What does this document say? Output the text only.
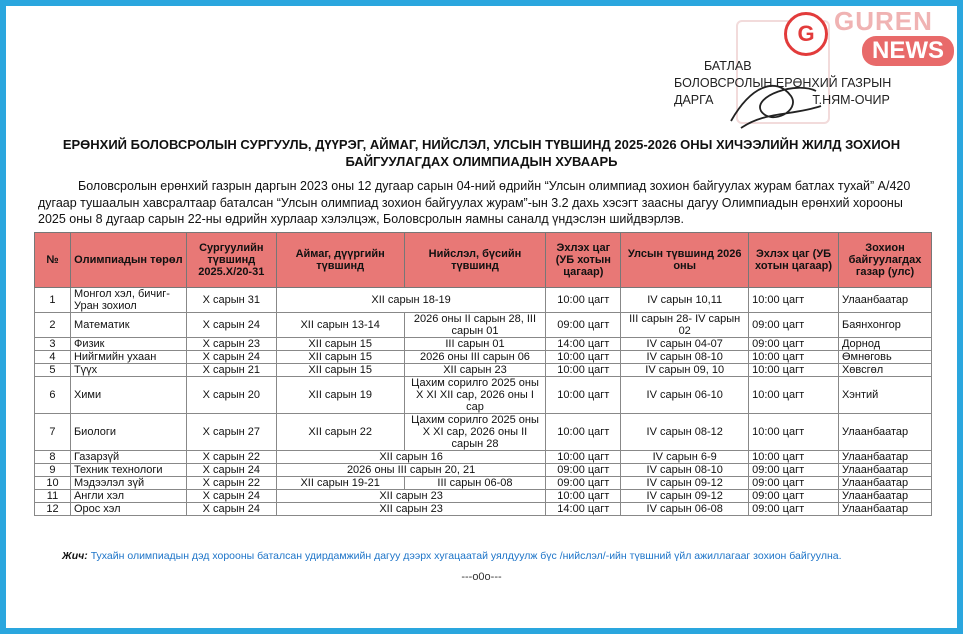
БАТЛАВ
БОЛОВСРОЛЫН ЕРӨНХИЙ ГАЗРЫН
ДАРГА	Т.НЯМ-ОЧИР
G GUREN
NEWS
ЕРӨНХИЙ БОЛОВСРОЛЫН СУРГУУЛЬ, ДҮҮРЭГ, АЙМАГ, НИЙСЛЭЛ, УЛСЫН ТҮВШИНД 2025-2026 ОНЫ ХИЧЭЭЛИЙН ЖИЛД ЗОХИОН БАЙГУУЛАГДАХ ОЛИМПИАДЫН ХУВААРЬ
Боловсролын ерөнхий газрын даргын 2023 оны 12 дугаар сарын 04-ний өдрийн “Улсын олимпиад зохион байгуулах журам батлах тухай” А/420 дугаар тушаалын хавсралтаар баталсан “Улсын олимпиад зохион байгуулах журам”-ын 3.2 дахь хэсэгт заасны дагуу Олимпиадын ерөнхий хорооны 2025 оны 8 дугаар сарын 22-ны өдрийн хурлаар хэлэлцэж, Боловсролын яамны саналд үндэслэн шийдвэрлэв.
№	Олимпиадын төрөл	Сургуулийн түвшинд 2025.X/20-31	Аймаг, дүүргийн түвшинд	Нийслэл, бүсийн түвшинд	Эхлэх цаг (УБ хотын цагаар)	Улсын түвшинд 2026 оны	Эхлэх цаг (УБ хотын цагаар)	Зохион байгуулагдах газар (улс)
1	Монгол хэл, бичиг-Уран зохиол	X сарын 31	XII сарын 18-19		10:00 цагт	IV сарын 10,11	10:00 цагт	Улаанбаатар
2	Математик	X сарын 24	XII сарын 13-14	2026 оны II сарын 28, III сарын 01	09:00 цагт	III сарын 28- IV сарын 02	09:00 цагт	Баянхонгор
3	Физик	X сарын 23	XII сарын 15	III сарын 01	14:00 цагт	IV сарын 04-07	09:00 цагт	Дорнод
4	Нийгмийн ухаан	X сарын 24	XII сарын 15	2026 оны III сарын 06	10:00 цагт	IV сарын 08-10	10:00 цагт	Өмнөговь
5	Түүх	X сарын 21	XII сарын 15	XII сарын 23	10:00 цагт	IV сарын 09, 10	10:00 цагт	Хөвсгөл
6	Хими	X сарын 20	XII сарын 19	Цахим сорилго 2025 оны X XI XII сар, 2026 оны I сар	10:00 цагт	IV сарын 06-10	10:00 цагт	Хэнтий
7	Биологи	X сарын 27	XII сарын 22	Цахим сорилго 2025 оны X XI сар, 2026 оны II сарын 28	10:00 цагт	IV сарын 08-12	10:00 цагт	Улаанбаатар
8	Газарзүй	X сарын 22	XII сарын 16		10:00 цагт	IV сарын 6-9	10:00 цагт	Улаанбаатар
9	Техник технологи	X сарын 24	2026 оны III сарын 20, 21		09:00 цагт	IV сарын 08-10	09:00 цагт	Улаанбаатар
10	Мэдээлэл зүй	X сарын 22	XII сарын 19-21	III сарын 06-08	09:00 цагт	IV сарын 09-12	09:00 цагт	Улаанбаатар
11	Англи хэл	X сарын 24	XII сарын 23		10:00 цагт	IV сарын 09-12	09:00 цагт	Улаанбаатар
12	Орос хэл	X сарын 24	XII сарын 23		14:00 цагт	IV сарын 06-08	09:00 цагт	Улаанбаатар
Жич: Тухайн олимпиадын дэд хорооны баталсан удирдамжийн дагуу дээрх хугацаатай уялдуулж бүс /нийслэл/-ийн түвшний үйл ажиллагааг зохион байгуулна.
---o0o---
